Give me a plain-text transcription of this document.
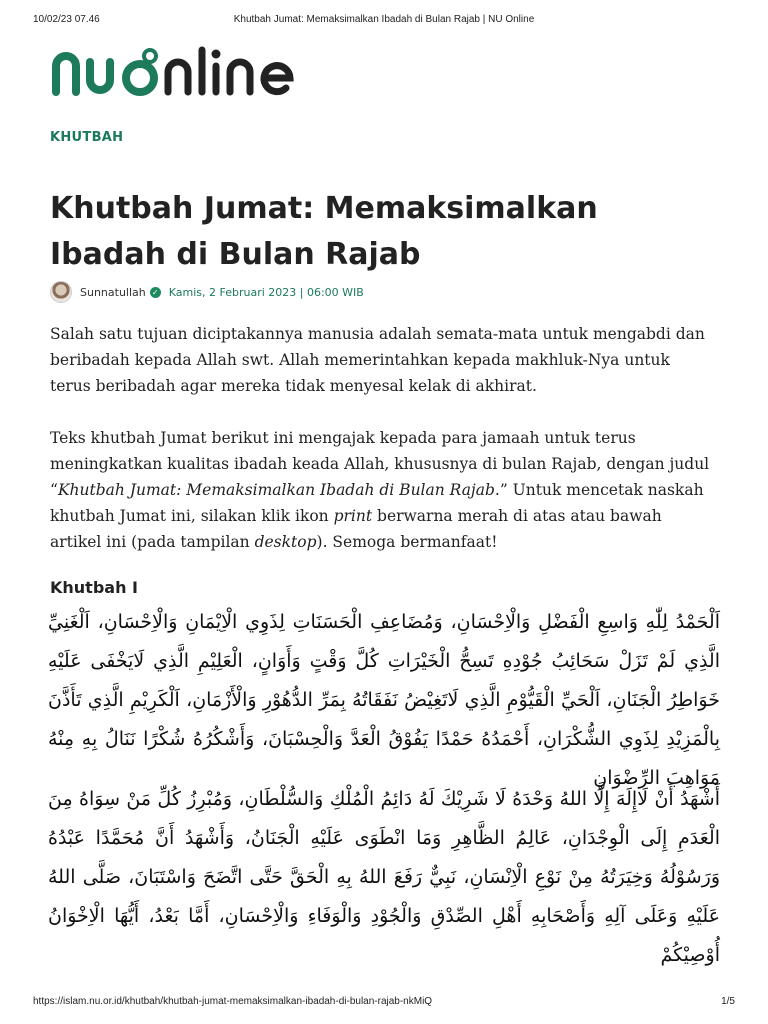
10/02/23 07.46	Khutbah Jumat: Memaksimalkan Ibadah di Bulan Rajab | NU Online
KHUTBAH
Khutbah Jumat: Memaksimalkan Ibadah di Bulan Rajab
Sunnatullah ✓ Kamis, 2 Februari 2023 | 06:00 WIB

Salah satu tujuan diciptakannya manusia adalah semata-mata untuk mengabdi dan beribadah kepada Allah swt. Allah memerintahkan kepada makhluk-Nya untuk terus beribadah agar mereka tidak menyesal kelak di akhirat.

Teks khutbah Jumat berikut ini mengajak kepada para jamaah untuk terus meningkatkan kualitas ibadah keada Allah, khususnya di bulan Rajab, dengan judul “Khutbah Jumat: Memaksimalkan Ibadah di Bulan Rajab.” Untuk mencetak naskah khutbah Jumat ini, silakan klik ikon print berwarna merah di atas atau bawah artikel ini (pada tampilan desktop). Semoga bermanfaat!

Khutbah I

اَلْحَمْدُ لِلّٰهِ وَاسِعِ الْفَضْلِ وَالْاِحْسَانِ، وَمُضَاعِفِ الْحَسَنَاتِ لِذَوِي الْاِيْمَانِ وَالْاِحْسَانِ، اَلْغَنِيِّ الَّذِي لَمْ تَزَلْ سَحَائِبُ جُوْدِهِ تَسِحُّ الْخَيْرَاتِ كُلَّ وَقْتٍ وَأَوَانٍ، الْعَلِيْمِ الَّذِي لَايَخْفَى عَلَيْهِ خَوَاطِرُ الْجَنَانِ، اَلْحَيِّ الْقَيُّوْمِ الَّذِي لَاتَغِيْضُ نَفَقَاتُهُ بِمَرِّ الدُّهُوْرِ وَالْأَزْمَانِ، اَلْكَرِيْمِ الَّذِي تَأَذَّنَ بِالْمَزِيْدِ لِذَوِي الشُّكْرَانِ، أَحْمَدُهُ حَمْدًا يَفُوْقُ الْعَدَّ وَالْحِسْبَانَ، وَأَشْكُرُهُ شُكْرًا نَنَالُ بِهِ مِنْهُ مَوَاهِبَ الرِّضْوَانِ

أَشْهَدُ أَنْ لَاإِلَهَ إِلَّا اللهُ وَحْدَهُ لَا شَرِيْكَ لَهُ دَائِمُ الْمُلْكِ وَالسُّلْطَانِ، وَمُبْرِزُ كُلِّ مَنْ سِوَاهُ مِنَ الْعَدَمِ إِلَى الْوِجْدَانِ، عَالِمُ الظَّاهِرِ وَمَا انْطَوَى عَلَيْهِ الْجَنَانُ، وَأَشْهَدُ أَنَّ مُحَمَّدًا عَبْدُهُ وَرَسُوْلُهُ وَخِيَرَتُهُ مِنْ نَوْعِ الْاِنْسَانِ، نَبِيٌّ رَفَعَ اللهُ بِهِ الْحَقَّ حَتَّى اتَّضَحَ وَاسْتَبَانَ، صَلَّى اللهُ عَلَيْهِ وَعَلَى آلِهِ وَأَصْحَابِهِ أَهْلِ الصِّدْقِ وَالْجُوْدِ وَالْوَفَاءِ وَالْاِحْسَانِ، أَمَّا بَعْدُ، أَيُّهَا الْاِخْوَانُ أُوْصِيْكُمْ

https://islam.nu.or.id/khutbah/khutbah-jumat-memaksimalkan-ibadah-di-bulan-rajab-nkMiQ	1/5
